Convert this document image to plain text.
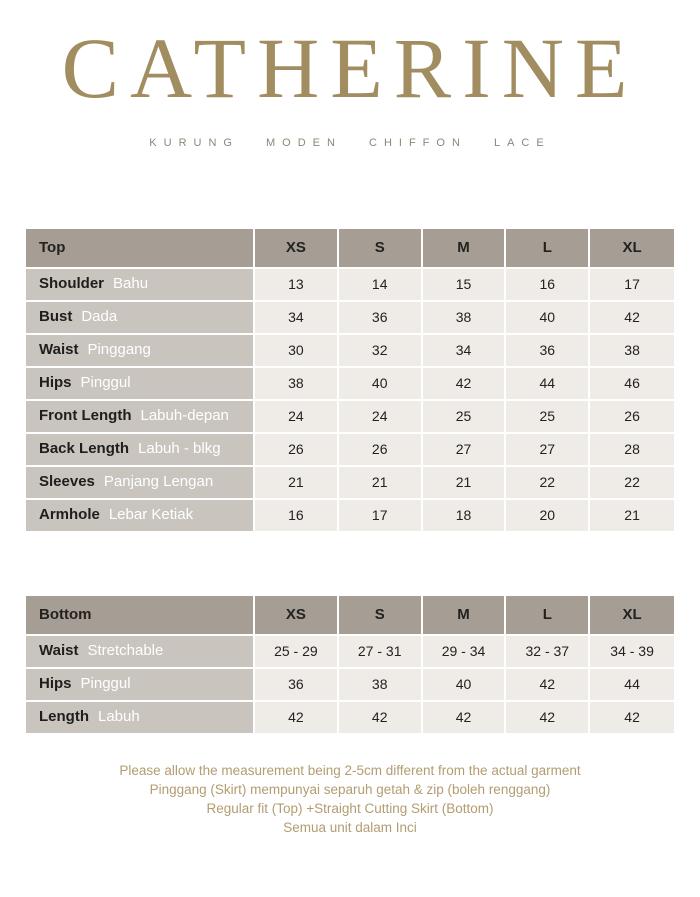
CATHERINE
KURUNG MODEN CHIFFON LACE
Top	XS	S	M	L	XL
Shoulder Bahu	13	14	15	16	17
Bust Dada	34	36	38	40	42
Waist Pinggang	30	32	34	36	38
Hips Pinggul	38	40	42	44	46
Front Length Labuh-depan	24	24	25	25	26
Back Length Labuh - blkg	26	26	27	27	28
Sleeves Panjang Lengan	21	21	21	22	22
Armhole Lebar Ketiak	16	17	18	20	21
Bottom	XS	S	M	L	XL
Waist Stretchable	25 - 29	27 - 31	29 - 34	32 - 37	34 - 39
Hips Pinggul	36	38	40	42	44
Length Labuh	42	42	42	42	42
Please allow the measurement being 2-5cm different from the actual garment
Pinggang (Skirt) mempunyai separuh getah & zip (boleh renggang)
Regular fit (Top) +Straight Cutting Skirt (Bottom)
Semua unit dalam Inci
